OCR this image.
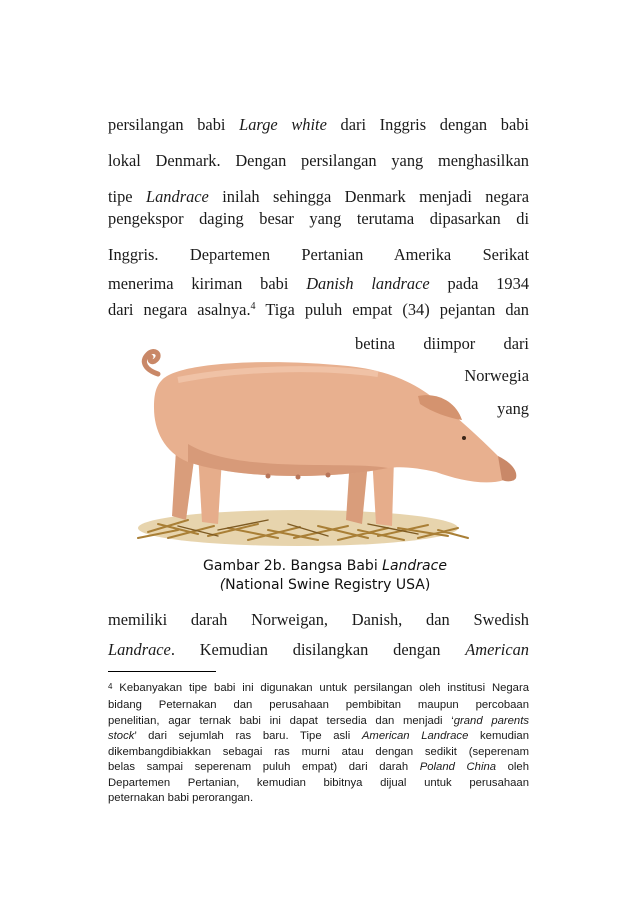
persilangan babi Large white dari Inggris dengan babi
lokal Denmark. Dengan persilangan yang menghasilkan
tipe Landrace inilah sehingga Denmark menjadi negara
pengekspor daging besar yang terutama dipasarkan di
Inggris. Departemen Pertanian Amerika Serikat
menerima kiriman babi Danish landrace pada 1934
dari negara asalnya.$^4$ Tiga puluh empat (34) pejantan dan
betina diimpor dari
Norwegia
yang
Gambar 2b. Bangsa Babi Landrace
(National Swine Registry USA)
memiliki darah Norweigan, Danish, dan Swedish
Landrace. Kemudian disilangkan dengan American
$^4$ Kebanyakan tipe babi ini digunakan untuk persilangan oleh institusi Negara
bidang Peternakan dan perusahaan pembibitan maupun percobaan
penelitian, agar ternak babi ini dapat tersedia dan menjadi ‘grand parents
stock’ dari sejumlah ras baru. Tipe asli American Landrace kemudian
dikembangdibiakkan sebagai ras murni atau dengan sedikit (seperenam
belas sampai seperenam puluh empat) dari darah Poland China oleh
Departemen Pertanian, kemudian bibitnya dijual untuk perusahaan
peternakan babi perorangan.
